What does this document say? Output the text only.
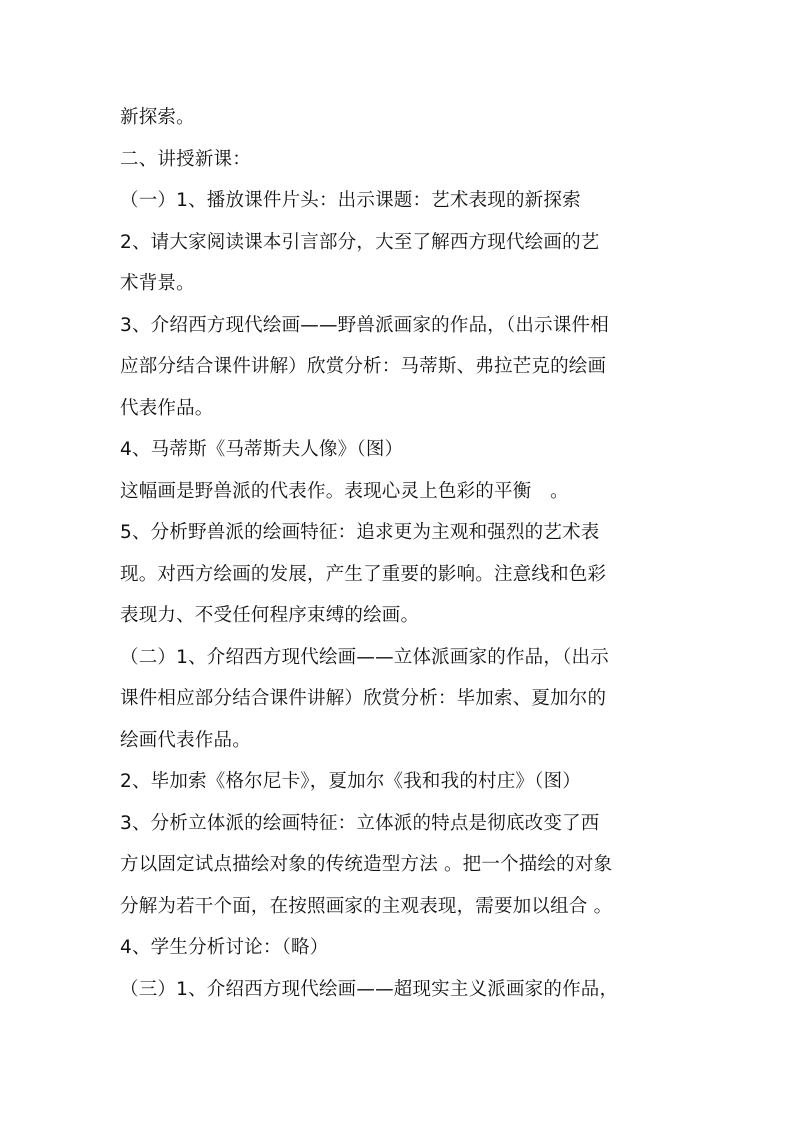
新探索。
二、讲授新课：
（一）1、播放课件片头：出示课题：艺术表现的新探索
2、请大家阅读课本引言部分，大至了解西方现代绘画的艺
术背景。
3、介绍西方现代绘画——野兽派画家的作品，（出示课件相
应部分结合课件讲解）欣赏分析：马蒂斯、弗拉芒克的绘画
代表作品。
4、马蒂斯《马蒂斯夫人像》（图）
这幅画是野兽派的代表作。表现心灵上色彩的平衡　。
5、分析野兽派的绘画特征：追求更为主观和强烈的艺术表
现。对西方绘画的发展，产生了重要的影响。注意线和色彩
表现力、不受任何程序束缚的绘画。
（二）1、介绍西方现代绘画——立体派画家的作品，（出示
课件相应部分结合课件讲解）欣赏分析：毕加索、夏加尔的
绘画代表作品。
2、毕加索《格尔尼卡》，夏加尔《我和我的村庄》（图）
3、分析立体派的绘画特征：立体派的特点是彻底改变了西
方以固定试点描绘对象的传统造型方法 。把一个描绘的对象
分解为若干个面，在按照画家的主观表现，需要加以组合 。
4、学生分析讨论：（略）
（三）1、介绍西方现代绘画——超现实主义派画家的作品，
